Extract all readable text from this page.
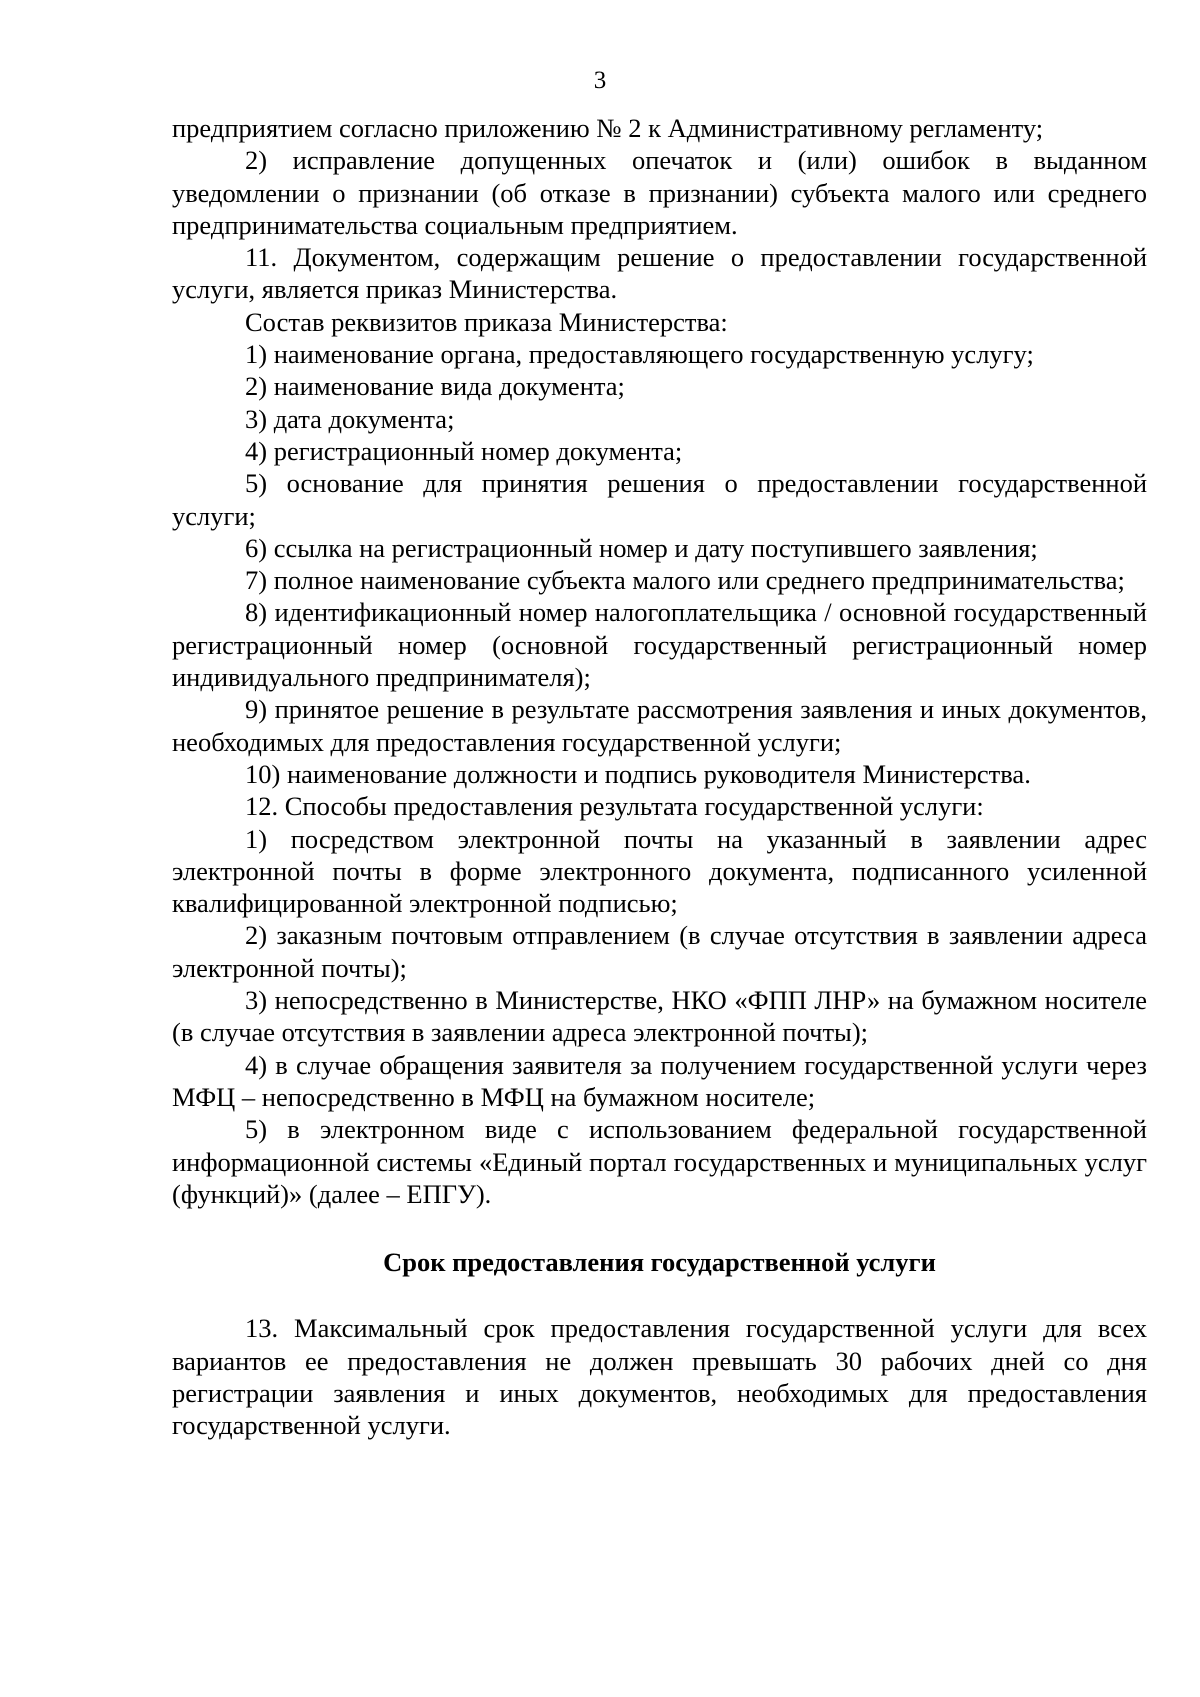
3

предприятием согласно приложению № 2 к Административному регламенту;

2) исправление допущенных опечаток и (или) ошибок в выданном уведомлении о признании (об отказе в признании) субъекта малого или среднего предпринимательства социальным предприятием.

11. Документом, содержащим решение о предоставлении государственной услуги, является приказ Министерства.

Состав реквизитов приказа Министерства:

1) наименование органа, предоставляющего государственную услугу;

2) наименование вида документа;

3) дата документа;

4) регистрационный номер документа;

5) основание для принятия решения о предоставлении государственной услуги;

6) ссылка на регистрационный номер и дату поступившего заявления;

7) полное наименование субъекта малого или среднего предпринимательства;

8) идентификационный номер налогоплательщика / основной государственный регистрационный номер (основной государственный регистрационный номер индивидуального предпринимателя);

9) принятое решение в результате рассмотрения заявления и иных документов, необходимых для предоставления государственной услуги;

10) наименование должности и подпись руководителя Министерства.

12. Способы предоставления результата государственной услуги:

1) посредством электронной почты на указанный в заявлении адрес электронной почты в форме электронного документа, подписанного усиленной квалифицированной электронной подписью;

2) заказным почтовым отправлением (в случае отсутствия в заявлении адреса электронной почты);

3) непосредственно в Министерстве, НКО «ФПП ЛНР» на бумажном носителе (в случае отсутствия в заявлении адреса электронной почты);

4) в случае обращения заявителя за получением государственной услуги через МФЦ – непосредственно в МФЦ на бумажном носителе;

5) в электронном виде с использованием федеральной государственной информационной системы «Единый портал государственных и муниципальных услуг (функций)» (далее – ЕПГУ).

Срок предоставления государственной услуги

13. Максимальный срок предоставления государственной услуги для всех вариантов ее предоставления не должен превышать 30 рабочих дней со дня регистрации заявления и иных документов, необходимых для предоставления государственной услуги.
